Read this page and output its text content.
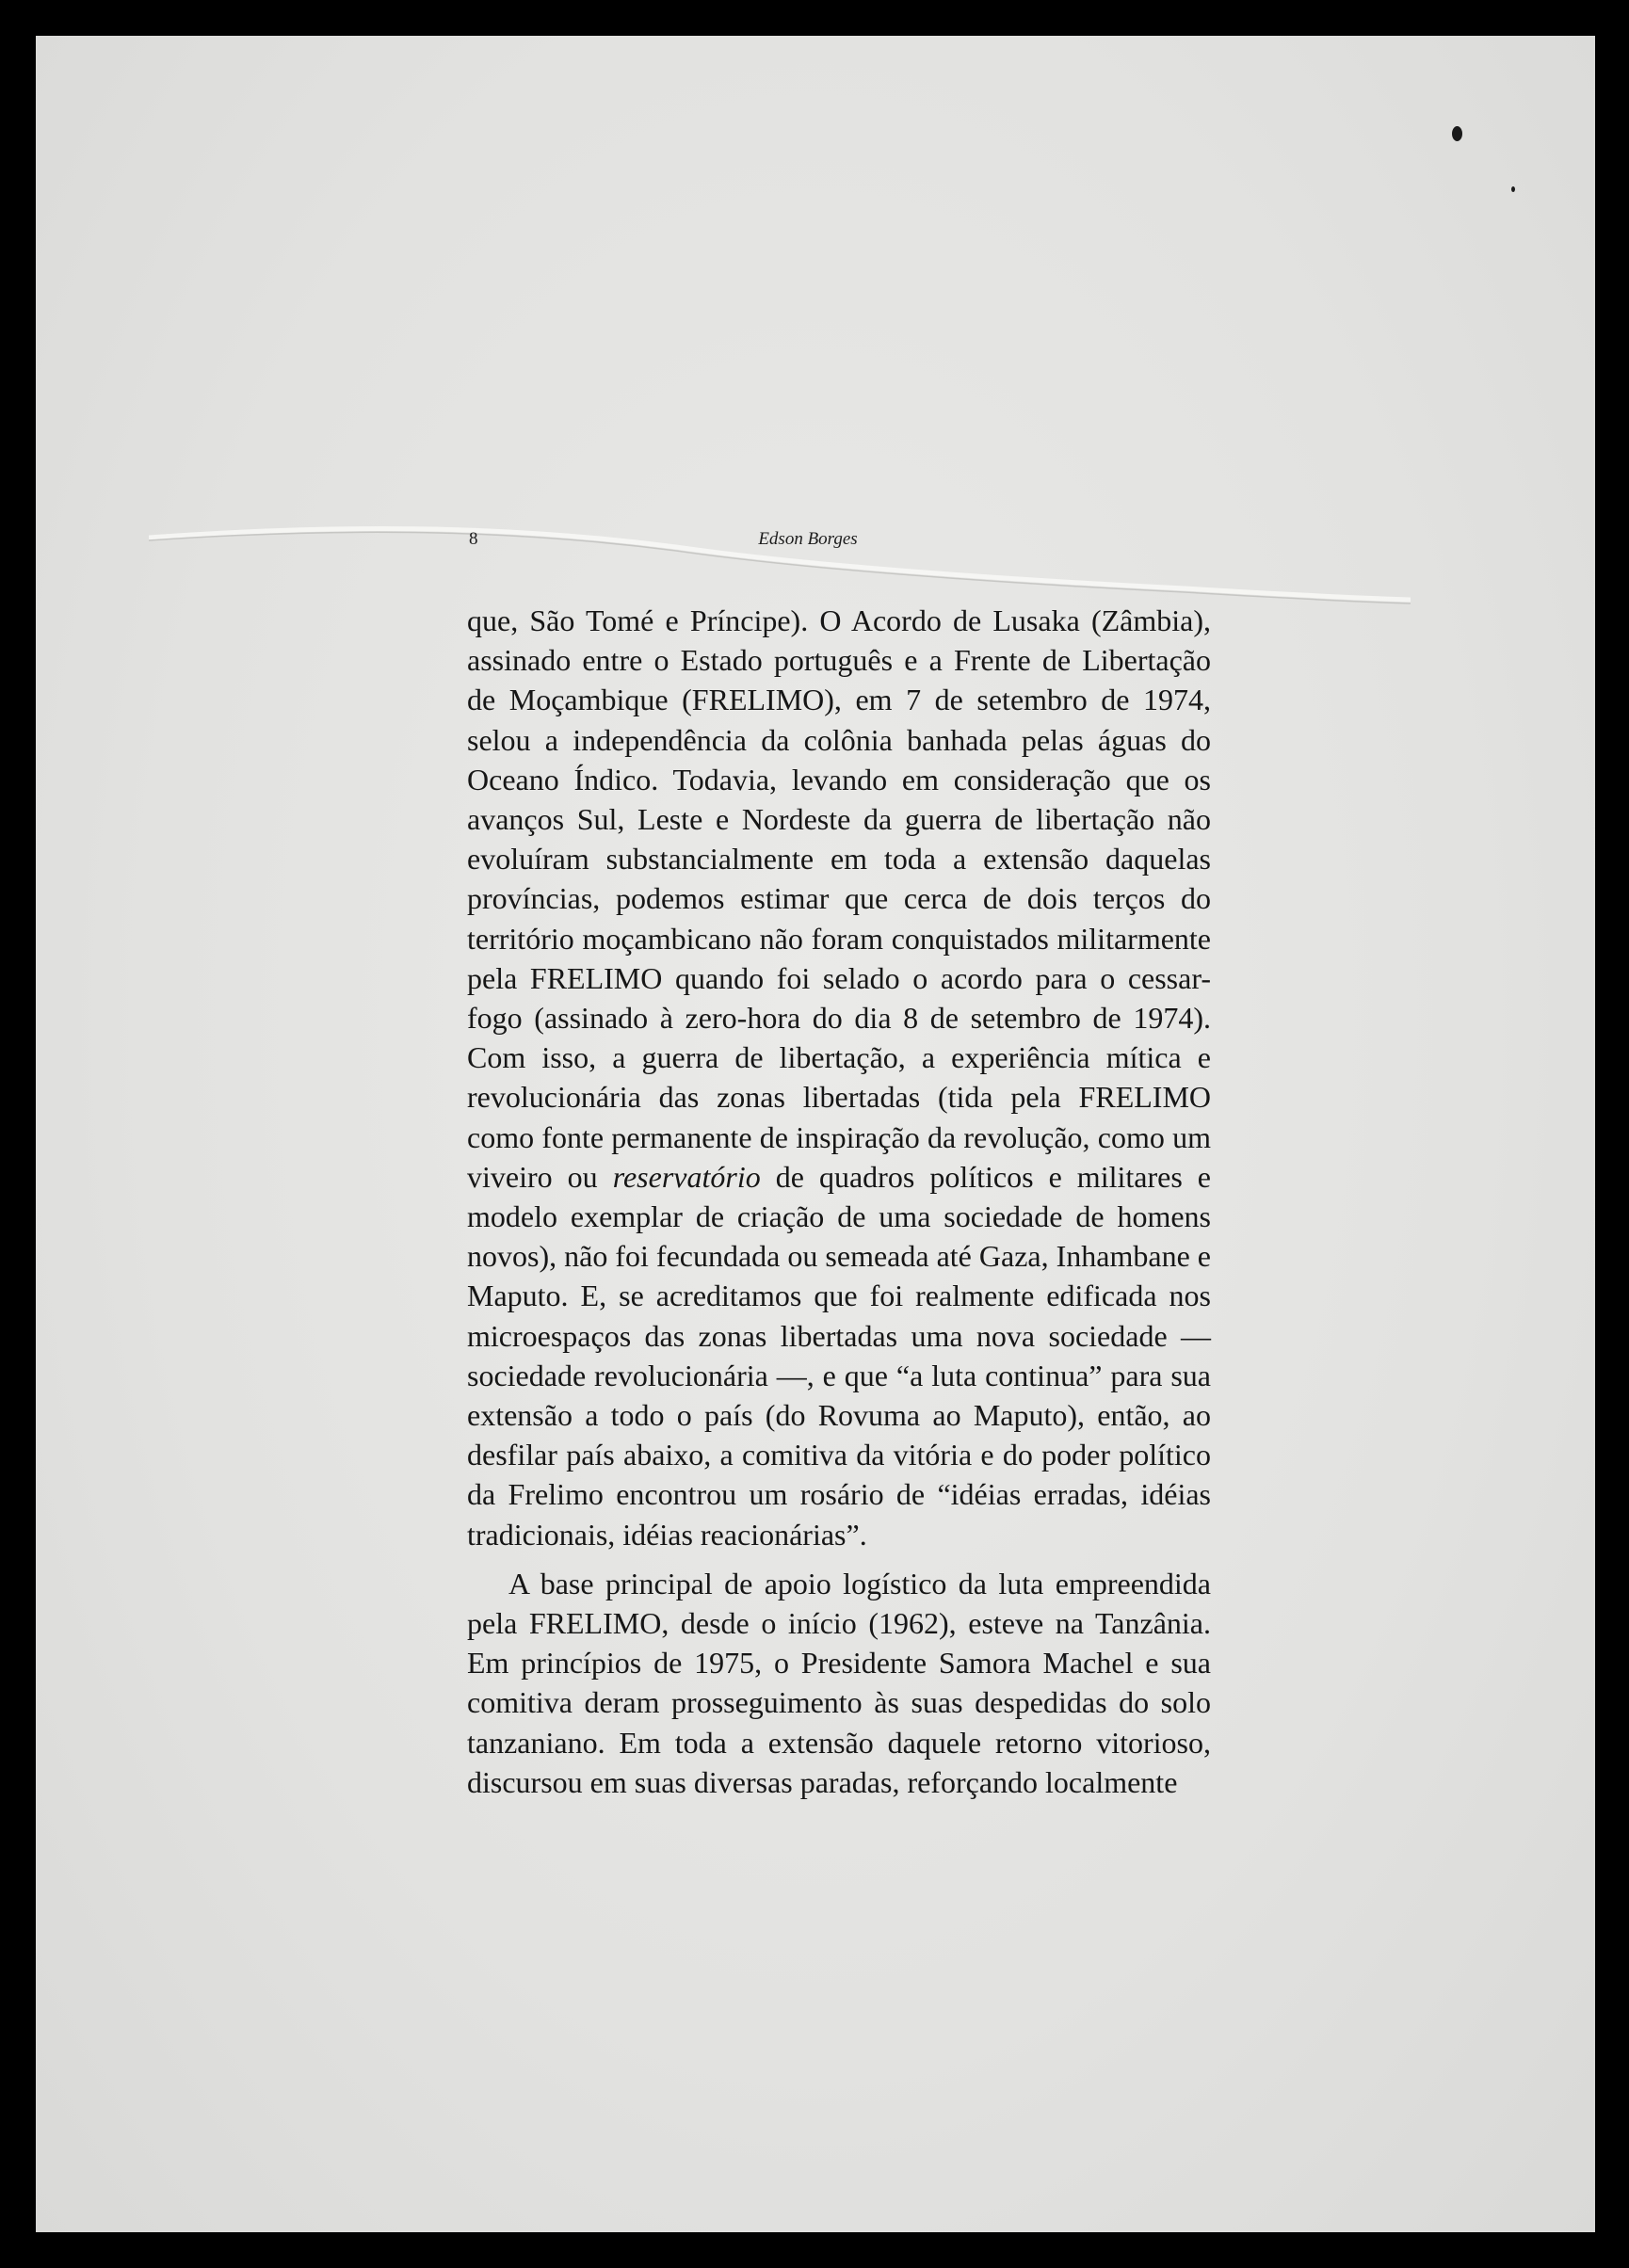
8	Edson Borges

que, São Tomé e Príncipe). O Acordo de Lusaka (Zâmbia), assinado entre o Estado português e a Frente de Libertação de Moçambique (FRELIMO), em 7 de setembro de 1974, selou a independência da colônia banhada pelas águas do Oceano Índico. Todavia, levando em consideração que os avanços Sul, Leste e Nordeste da guerra de libertação não evoluíram substancialmente em toda a extensão daquelas províncias, podemos estimar que cerca de dois terços do território moçambicano não foram conquistados militarmente pela FRELIMO quando foi selado o acordo para o cessar-fogo (assinado à zero-hora do dia 8 de setembro de 1974). Com isso, a guerra de libertação, a experiência mítica e revolucionária das zonas libertadas (tida pela FRELIMO como fonte permanente de inspiração da revolução, como um viveiro ou reservatório de quadros políticos e militares e modelo exemplar de criação de uma sociedade de homens novos), não foi fecundada ou semeada até Gaza, Inhambane e Maputo. E, se acreditamos que foi realmente edificada nos microespaços das zonas libertadas uma nova sociedade — sociedade revolucionária —, e que “a luta continua” para sua extensão a todo o país (do Rovuma ao Maputo), então, ao desfilar país abaixo, a comitiva da vitória e do poder político da Frelimo encontrou um rosário de “idéias erradas, idéias tradicionais, idéias reacionárias”.

A base principal de apoio logístico da luta empreendida pela FRELIMO, desde o início (1962), esteve na Tanzânia. Em princípios de 1975, o Presidente Samora Machel e sua comitiva deram prosseguimento às suas despedidas do solo tanzaniano. Em toda a extensão daquele retorno vitorioso, discursou em suas diversas paradas, reforçando localmente
